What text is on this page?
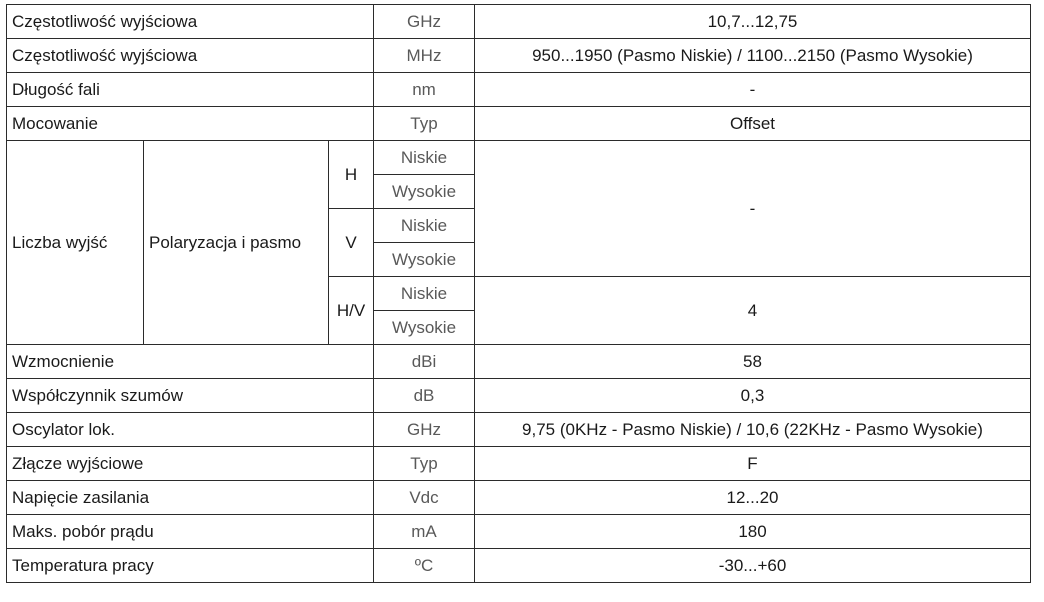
Częstotliwość wyjściowa			GHz	10,7...12,75
Częstotliwość wyjściowa			MHz	950...1950 (Pasmo Niskie) / 1100...2150 (Pasmo Wysokie)
Długość fali			nm	-
Mocowanie			Typ	Offset
Liczba wyjść	Polaryzacja i pasmo	H	Niskie	-
			Wysokie	
		V	Niskie	
			Wysokie	
		H/V	Niskie	4
			Wysokie	
Wzmocnienie			dBi	58
Współczynnik szumów			dB	0,3
Oscylator lok.			GHz	9,75 (0KHz - Pasmo Niskie) / 10,6 (22KHz - Pasmo Wysokie)
Złącze wyjściowe			Typ	F
Napięcie zasilania			Vdc	12...20
Maks. pobór prądu			mA	180
Temperatura pracy			ºC	-30...+60
